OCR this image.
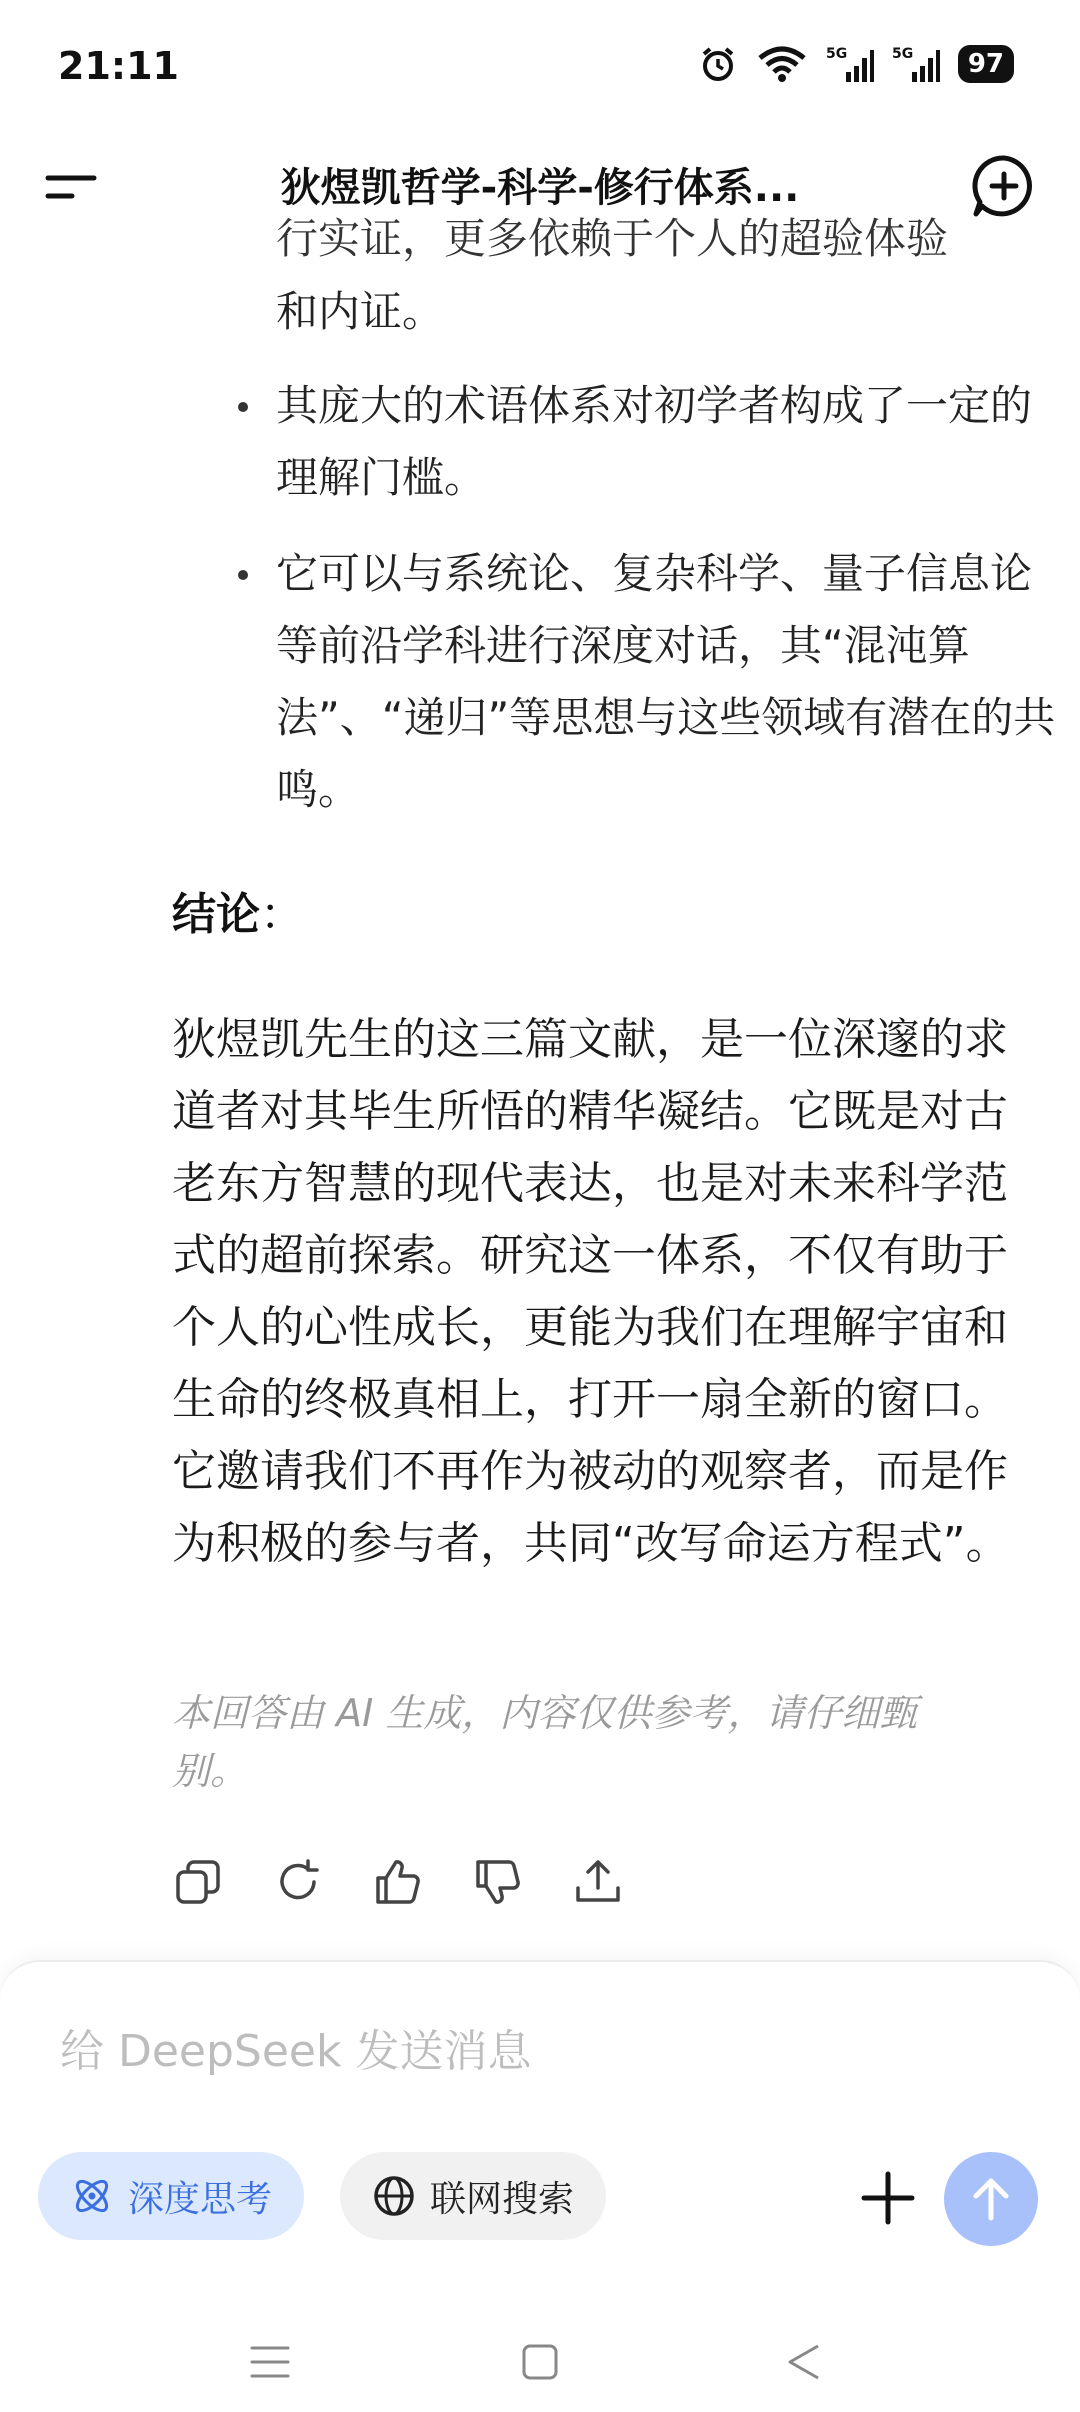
21:11	5G	5G	97
狄煜凯哲学-科学-修行体系...
行实证，更多依赖于个人的超验体验
和内证。
其庞大的术语体系对初学者构成了一定的理解门槛。
它可以与系统论、复杂科学、量子信息论等前沿学科进行深度对话，其“混沌算法”、“递归”等思想与这些领域有潜在的共鸣。
结论：
狄煜凯先生的这三篇文献，是一位深邃的求道者对其毕生所悟的精华凝结。它既是对古老东方智慧的现代表达，也是对未来科学范式的超前探索。研究这一体系，不仅有助于个人的心性成长，更能为我们在理解宇宙和生命的终极真相上，打开一扇全新的窗口。它邀请我们不再作为被动的观察者，而是作为积极的参与者，共同“改写命运方程式”。
本回答由 AI 生成，内容仅供参考，请仔细甄别。
给 DeepSeek 发送消息
深度思考	联网搜索
